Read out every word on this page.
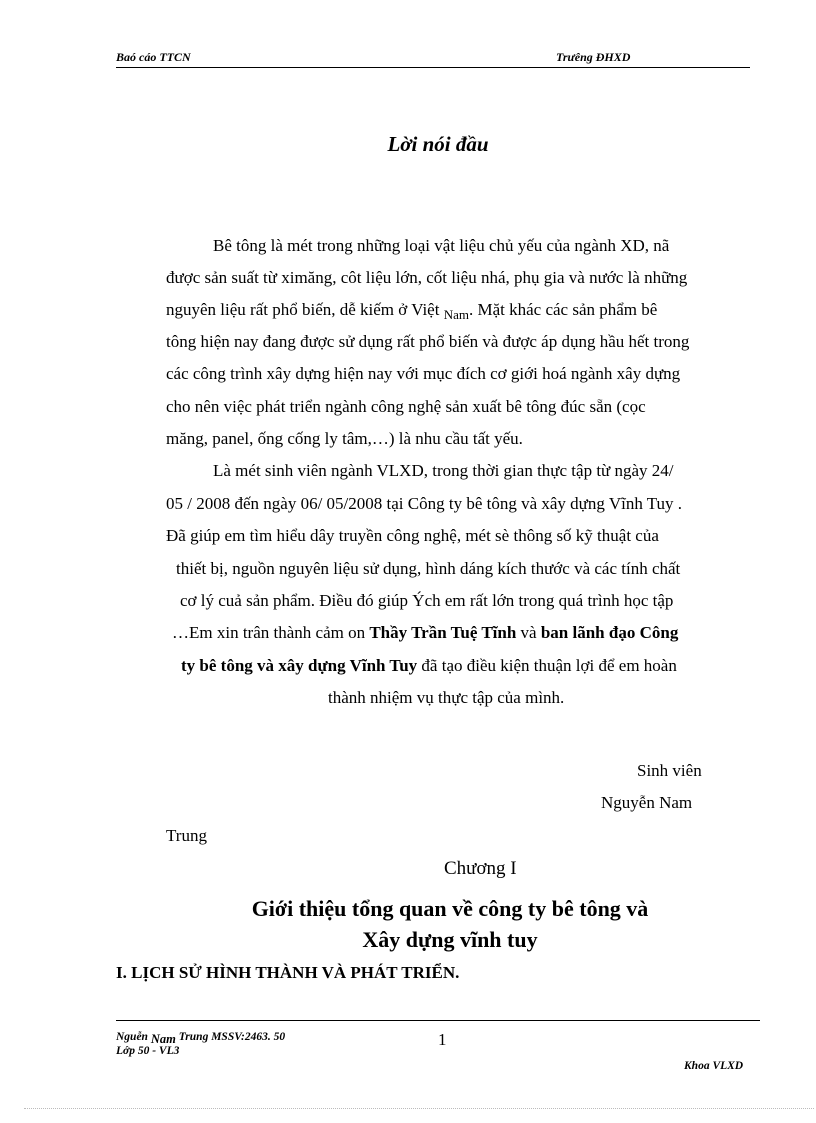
Baó cáo TTCN	Trưêng ĐHXD
Lời nói đầu
Bê tông là mét trong những loại vật liệu chủ yếu của ngành XD, nã
được sản suất từ ximăng, côt liệu lớn, cốt liệu nhá, phụ gia và nước là những
nguyên liệu rất phổ biến, dễ kiếm ở Việt $_{Nam}$. Mặt khác các sản phẩm bê
tông hiện nay đang được sử dụng rất phổ biến và được áp dụng hầu hết trong
các công trình xây dựng hiện nay với mục đích cơ giới hoá ngành xây dựng
cho nên việc phát triển ngành công nghệ sản xuất bê tông đúc sẵn (cọc
măng, panel, ống cống ly tâm,…) là nhu cầu tất yếu.
Là mét sinh viên ngành VLXD, trong thời gian thực tập từ ngày 24/
05 / 2008 đến ngày 06/ 05/2008 tại Công ty bê tông và xây dựng Vĩnh Tuy .
Đã giúp em tìm hiểu dây truyền công nghệ, mét sè thông số kỹ thuật của
thiết bị, nguồn nguyên liệu sử dụng, hình dáng kích thước và các tính chất
cơ lý cuả sản phẩm. Điều đó giúp Ých em rất lớn trong quá trình học tập
…Em xin trân thành cảm on Thầy Trần Tuệ Tĩnh và ban lãnh đạo Công
ty bê tông và xây dựng Vĩnh Tuy đã tạo điều kiện thuận lợi để em hoàn
thành nhiệm vụ thực tập của mình.
Sinh viên
Nguyễn Nam
Trung
Chương I
Giới thiệu tổng quan về công ty bê tông và
Xây dựng vĩnh tuy
I. LỊCH SỬ HÌNH THÀNH VÀ PHÁT TRIỂN.
Nguễn Nam Trung MSSV:2463. 50
Lớp 50 - VL3
1
Khoa VLXD
